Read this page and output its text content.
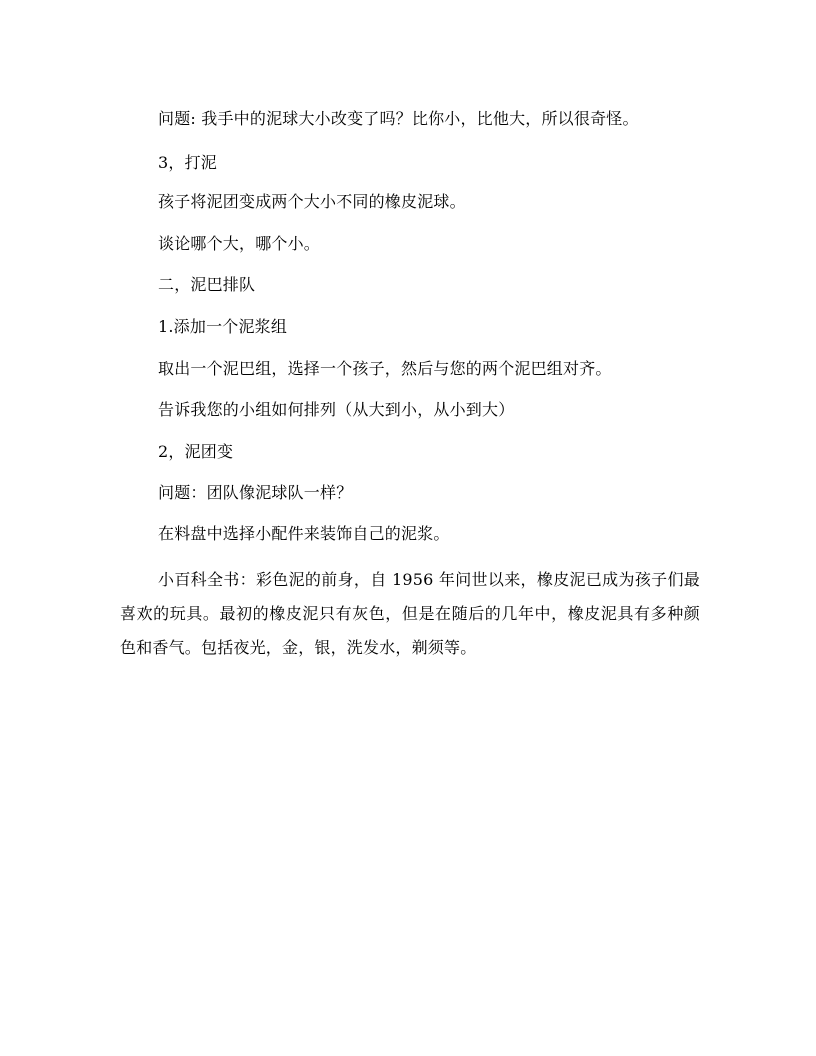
问题: 我手中的泥球大小改变了吗？比你小，比他大，所以很奇怪。
3，打泥
孩子将泥团变成两个大小不同的橡皮泥球。
谈论哪个大，哪个小。
二，泥巴排队
1.添加一个泥浆组
取出一个泥巴组，选择一个孩子，然后与您的两个泥巴组对齐。
告诉我您的小组如何排列（从大到小，从小到大）
2，泥团变
问题：团队像泥球队一样？
在料盘中选择小配件来装饰自己的泥浆。
小百科全书：彩色泥的前身，自 1956 年问世以来，橡皮泥已成为孩子们最喜欢的玩具。最初的橡皮泥只有灰色，但是在随后的几年中，橡皮泥具有多种颜色和香气。包括夜光，金，银，洗发水，剃须等。
